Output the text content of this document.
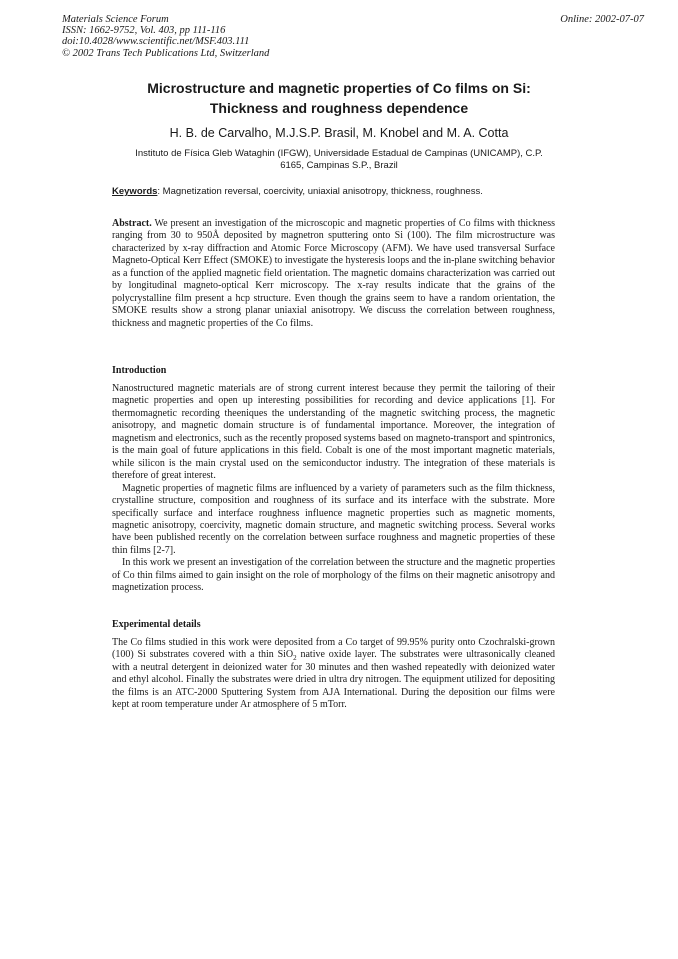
Materials Science Forum
ISSN: 1662-9752, Vol. 403, pp 111-116
doi:10.4028/www.scientific.net/MSF.403.111
© 2002 Trans Tech Publications Ltd, Switzerland
Online: 2002-07-07
Microstructure and magnetic properties of Co films on Si:
Thickness and roughness dependence
H. B. de Carvalho, M.J.S.P. Brasil, M. Knobel and M. A. Cotta
Instituto de Física Gleb Wataghin (IFGW), Universidade Estadual de Campinas (UNICAMP), C.P.
6165, Campinas S.P., Brazil
Keywords: Magnetization reversal, coercivity, uniaxial anisotropy, thickness, roughness.

Abstract. We present an investigation of the microscopic and magnetic properties of Co films with thickness ranging from 30 to 950Å deposited by magnetron sputtering onto Si (100). The film microstructure was characterized by x-ray diffraction and Atomic Force Microscopy (AFM). We have used transversal Surface Magneto-Optical Kerr Effect (SMOKE) to investigate the hysteresis loops and the in-plane switching behavior as a function of the applied magnetic field orientation. The magnetic domains characterization was carried out by longitudinal magneto-optical Kerr microscopy. The x-ray results indicate that the grains of the polycrystalline film present a hcp structure. Even though the grains seem to have a random orientation, the SMOKE results show a strong planar uniaxial anisotropy. We discuss the correlation between roughness, thickness and magnetic properties of the Co films.

Introduction

Nanostructured magnetic materials are of strong current interest because they permit the tailoring of their magnetic properties and open up interesting possibilities for recording and device applications [1]. For thermomagnetic recording theeniques the understanding of the magnetic switching process, the magnetic anisotropy, and magnetic domain structure is of fundamental importance. Moreover, the integration of magnetism and electronics, such as the recently proposed systems based on magneto-transport and spintronics, is the main goal of future applications in this field. Cobalt is one of the most important magnetic materials, while silicon is the main crystal used on the semiconductor industry. The integration of these materials is therefore of great interest.

Magnetic properties of magnetic films are influenced by a variety of parameters such as the film thickness, crystalline structure, composition and roughness of its surface and its interface with the substrate. More specifically surface and interface roughness influence magnetic properties such as magnetic moments, magnetic anisotropy, coercivity, magnetic domain structure, and magnetic switching process. Several works have been published recently on the correlation between surface roughness and magnetic properties of these thin films [2-7].

In this work we present an investigation of the correlation between the structure and the magnetic properties of Co thin films aimed to gain insight on the role of morphology of the films on their magnetic anisotropy and magnetization process.

Experimental details

The Co films studied in this work were deposited from a Co target of 99.95% purity onto Czochralski-grown (100) Si substrates covered with a thin SiO$_2$ native oxide layer. The substrates were ultrasonically cleaned with a neutral detergent in deionized water for 30 minutes and then washed repeatedly with deionized water and ethyl alcohol. Finally the substrates were dried in ultra dry nitrogen. The equipment utilized for depositing the films is an ATC-2000 Sputtering System from AJA International. During the deposition our films were kept at room temperature under Ar atmosphere of 5 mTorr.
